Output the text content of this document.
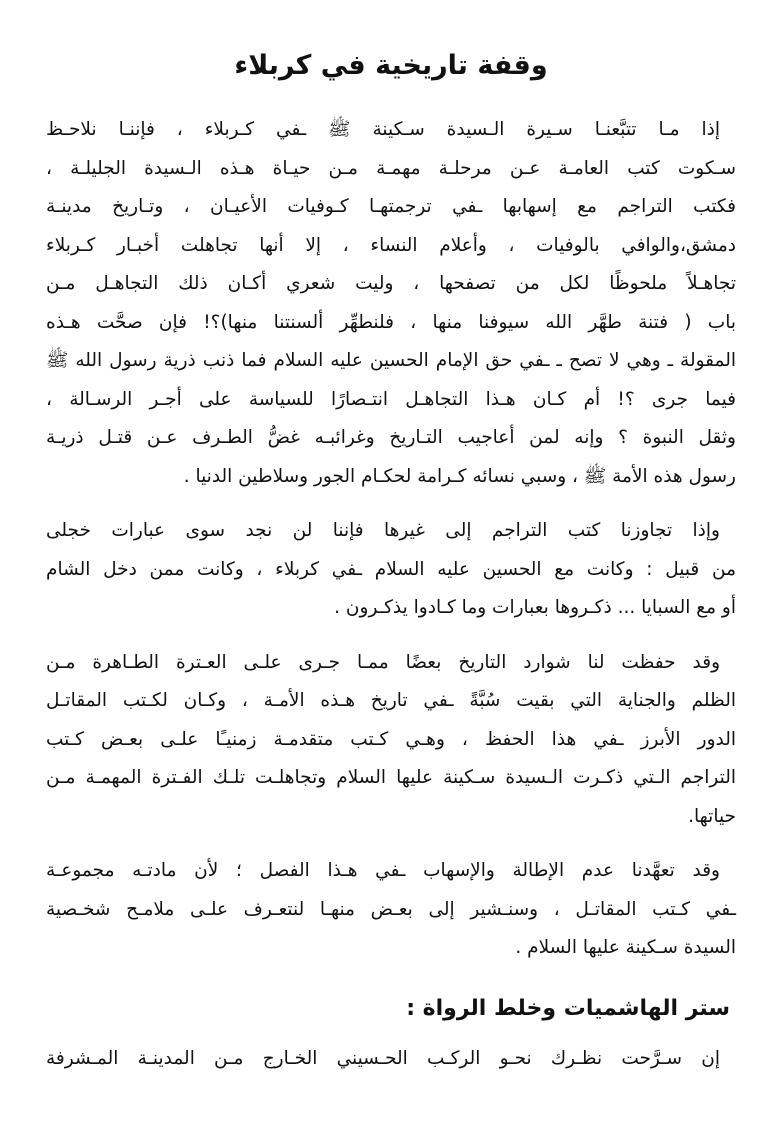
وقفة تاريخية في كربلاء

إذا مـا تتبَّعنـا سـيرة الـسيدة سـكينة ﷺ ـفي كـربلاء ، فإننـا نلاحـظ
سـكوت كتب العامـة عـن مرحلـة مهمـة مـن حيـاة هـذه الـسيدة الجليلـة ،
فكتب التراجم مع إسهابها ـفي ترجمتهـا كـوفيات الأعيـان ، وتـاريخ مدينـة
دمشق،والوافي بالوفيات ، وأعلام النساء ، إلا أنها تجاهلت أخبـار كـربلاء
تجاهـلاً ملحوظًا لكل من تصفحها ، وليت شعري أكـان ذلك التجاهـل مـن
باب ( فتنة طهَّر الله سيوفنا منها ، فلنطهِّر ألسنتنا منها)؟! فإن صحَّت هـذه
المقولة ـ وهي لا تصح ـ ـفي حق الإمام الحسين عليه السلام فما ذنب ذرية رسول الله ﷺ
فيما جرى ؟! أم كـان هـذا التجاهـل انتـصارًا للسياسة على أجـر الرسـالة ،
وثقل النبوة ؟ وإنه لمن أعاجيب التـاريخ وغرائبـه غضُّ الطـرف عـن قتـل ذريـة
رسول هذه الأمة ﷺ ، وسبي نسائه كـرامة لحكـام الجور وسلاطين الدنيا .

وإذا تجاوزنا كتب التراجم إلى غيرها فإننا لن نجد سوى عبارات خجلى
من قبيل : وكانت مع الحسين عليه السلام ـفي كربلاء ، وكانت ممن دخل الشام
أو مع السبايا ... ذكـروها بعبارات وما كـادوا يذكـرون .

وقد حفظت لنا شوارد التاريخ بعضًا ممـا جـرى علـى العـترة الطـاهرة مـن
الظلم والجناية التي بقيت سُبَّةً ـفي تاريخ هـذه الأمـة ، وكـان لكـتب المقاتـل
الدور الأبرز ـفي هذا الحفظ ، وهـي كـتب متقدمـة زمنيـًا علـى بعـض كـتب
التراجم الـتي ذكـرت الـسيدة سـكينة عليها السلام وتجاهلـت تلـك الفـترة المهمـة مـن
حياتها.

وقد تعهَّدنا عدم الإطالة والإسهاب ـفي هـذا الفصل ؛ لأن مادتـه مجموعـة
ـفي كـتب المقاتـل ، وسنـشير إلى بعـض منهـا لنتعـرف علـى ملامـح شخـصية
السيدة سـكينة عليها السلام .

ستر الهاشميات وخلط الرواة :

إن سـرَّحت نظـرك نحـو الركـب الحـسيني الخـارج مـن المدينـة المـشرفة
